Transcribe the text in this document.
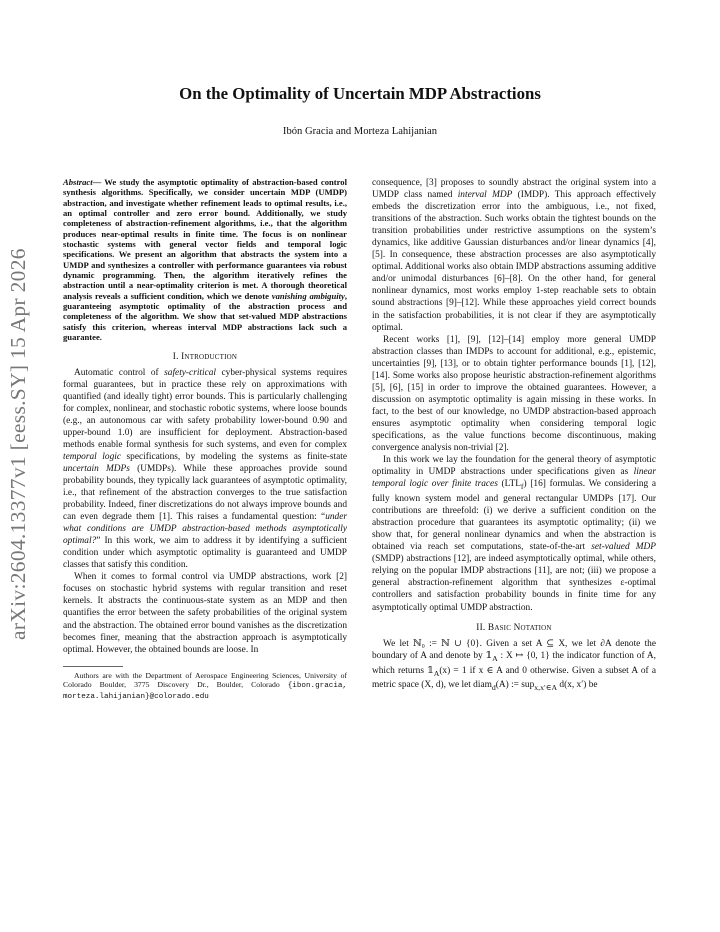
arXiv:2604.13377v1 [eess.SY] 15 Apr 2026
On the Optimality of Uncertain MDP Abstractions
Ibón Gracia and Morteza Lahijanian

Abstract— We study the asymptotic optimality of abstraction-based control synthesis algorithms. Specifically, we consider uncertain MDP (UMDP) abstraction, and investigate whether refinement leads to optimal results, i.e., an optimal controller and zero error bound. Additionally, we study completeness of abstraction-refinement algorithms, i.e., that the algorithm produces near-optimal results in finite time. The focus is on nonlinear stochastic systems with general vector fields and temporal logic specifications. We present an algorithm that abstracts the system into a UMDP and synthesizes a controller with performance guarantees via robust dynamic programming. Then, the algorithm iteratively refines the abstraction until a near-optimality criterion is met. A thorough theoretical analysis reveals a sufficient condition, which we denote vanishing ambiguity, guaranteeing asymptotic optimality of the abstraction process and completeness of the algorithm. We show that set-valued MDP abstractions satisfy this criterion, whereas interval MDP abstractions lack such a guarantee.

I. Introduction

Automatic control of safety-critical cyber-physical systems requires formal guarantees, but in practice these rely on approximations with quantified (and ideally tight) error bounds. This is particularly challenging for complex, nonlinear, and stochastic robotic systems, where loose bounds (e.g., an autonomous car with safety probability lower-bound 0.90 and upper-bound 1.0) are insufficient for deployment. Abstraction-based methods enable formal synthesis for such systems, and even for complex temporal logic specifications, by modeling the systems as finite-state uncertain MDPs (UMDPs). While these approaches provide sound probability bounds, they typically lack guarantees of asymptotic optimality, i.e., that refinement of the abstraction converges to the true satisfaction probability. Indeed, finer discretizations do not always improve bounds and can even degrade them [1]. This raises a fundamental question: “under what conditions are UMDP abstraction-based methods asymptotically optimal?” In this work, we aim to address it by identifying a sufficient condition under which asymptotic optimality is guaranteed and UMDP classes that satisfy this condition.

When it comes to formal control via UMDP abstractions, work [2] focuses on stochastic hybrid systems with regular transition and reset kernels. It abstracts the continuous-state system as an MDP and then quantifies the error between the safety probabilities of the original system and the abstraction. The obtained error bound vanishes as the discretization becomes finer, meaning that the abstraction approach is asymptotically optimal. However, the obtained bounds are loose. In

Authors are with the Department of Aerospace Engineering Sciences, University of Colorado Boulder, 3775 Discovery Dr., Boulder, Colorado {ibon.gracia, morteza.lahijanian}@colorado.edu

consequence, [3] proposes to soundly abstract the original system into a UMDP class named interval MDP (IMDP). This approach effectively embeds the discretization error into the ambiguous, i.e., not fixed, transitions of the abstraction. Such works obtain the tightest bounds on the transition probabilities under restrictive assumptions on the system’s dynamics, like additive Gaussian disturbances and/or linear dynamics [4], [5]. In consequence, these abstraction processes are also asymptotically optimal. Additional works also obtain IMDP abstractions assuming additive and/or unimodal disturbances [6]–[8]. On the other hand, for general nonlinear dynamics, most works employ 1-step reachable sets to obtain sound abstractions [9]–[12]. While these approaches yield correct bounds in the satisfaction probabilities, it is not clear if they are asymptotically optimal.

Recent works [1], [9], [12]–[14] employ more general UMDP abstraction classes than IMDPs to account for additional, e.g., epistemic, uncertainties [9], [13], or to obtain tighter performance bounds [1], [12], [14]. Some works also propose heuristic abstraction-refinement algorithms [5], [6], [15] in order to improve the obtained guarantees. However, a discussion on asymptotic optimality is again missing in these works. In fact, to the best of our knowledge, no UMDP abstraction-based approach ensures asymptotic optimality when considering temporal logic specifications, as the value functions become discontinuous, making convergence analysis non-trivial [2].

In this work we lay the foundation for the general theory of asymptotic optimality in UMDP abstractions under specifications given as linear temporal logic over finite traces $(LTL_f)$ [16] formulas. We considering a fully known system model and general rectangular UMDPs [17]. Our contributions are threefold: (i) we derive a sufficient condition on the abstraction procedure that guarantees its asymptotic optimality; (ii) we show that, for general nonlinear dynamics and when the abstraction is obtained via reach set computations, state-of-the-art set-valued MDP (SMDP) abstractions [12], are indeed asymptotically optimal, while others, relying on the popular IMDP abstractions [11], are not; (iii) we propose a general abstraction-refinement algorithm that synthesizes ε-optimal controllers and satisfaction probability bounds in finite time for any asymptotically optimal UMDP abstraction.

II. Basic Notation

We let ℕ₀ := ℕ ∪ {0}. Given a set A ⊆ X, we let ∂A denote the boundary of A and denote by $𝟙_A$ : X ↦ {0, 1} the indicator function of A, which returns $𝟙_A(x) = 1$ if x ∈ A and 0 otherwise. Given a subset A of a metric space (X, d), we let diam$_d$(A) := sup$_{x,x'\in A}$ d(x, x′) be
